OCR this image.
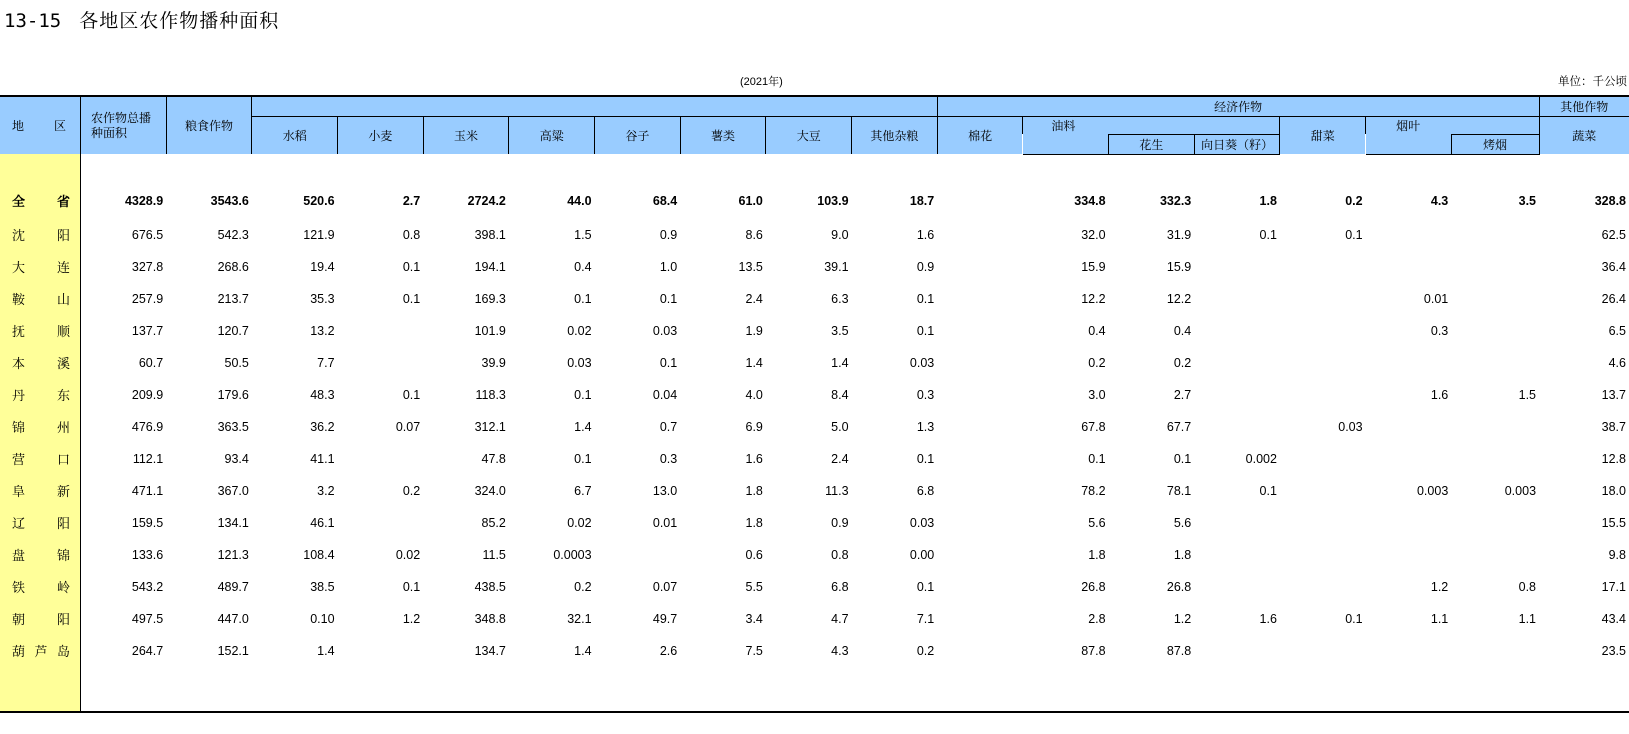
13-15 各地区农作物播种面积
(2021年)	单位：千公顷
地　　区	农作物总播种面积	粮食作物									经济作物							其他作物
			水稻	小麦	玉米	高粱	谷子	薯类	大豆	其他杂粮	棉花	油料			甜菜	烟叶		蔬菜
													花生	向日葵（籽）			烤烟	

全省	4328.9	3543.6	520.6	2.7	2724.2	44.0	68.4	61.0	103.9	18.7		334.8	332.3	1.8	0.2	4.3	3.5	328.8
沈阳	676.5	542.3	121.9	0.8	398.1	1.5	0.9	8.6	9.0	1.6		32.0	31.9	0.1	0.1			62.5
大连	327.8	268.6	19.4	0.1	194.1	0.4	1.0	13.5	39.1	0.9		15.9	15.9					36.4
鞍山	257.9	213.7	35.3	0.1	169.3	0.1	0.1	2.4	6.3	0.1		12.2	12.2			0.01		26.4
抚顺	137.7	120.7	13.2		101.9	0.02	0.03	1.9	3.5	0.1		0.4	0.4			0.3		6.5
本溪	60.7	50.5	7.7		39.9	0.03	0.1	1.4	1.4	0.03		0.2	0.2					4.6
丹东	209.9	179.6	48.3	0.1	118.3	0.1	0.04	4.0	8.4	0.3		3.0	2.7			1.6	1.5	13.7
锦州	476.9	363.5	36.2	0.07	312.1	1.4	0.7	6.9	5.0	1.3		67.8	67.7		0.03			38.7
营口	112.1	93.4	41.1		47.8	0.1	0.3	1.6	2.4	0.1		0.1	0.1	0.002				12.8
阜新	471.1	367.0	3.2	0.2	324.0	6.7	13.0	1.8	11.3	6.8		78.2	78.1	0.1		0.003	0.003	18.0
辽阳	159.5	134.1	46.1		85.2	0.02	0.01	1.8	0.9	0.03		5.6	5.6					15.5
盘锦	133.6	121.3	108.4	0.02	11.5	0.0003		0.6	0.8	0.00		1.8	1.8					9.8
铁岭	543.2	489.7	38.5	0.1	438.5	0.2	0.07	5.5	6.8	0.1		26.8	26.8			1.2	0.8	17.1
朝阳	497.5	447.0	0.10	1.2	348.8	32.1	49.7	3.4	4.7	7.1		2.8	1.2	1.6	0.1	1.1	1.1	43.4
葫芦岛	264.7	152.1	1.4		134.7	1.4	2.6	7.5	4.3	0.2		87.8	87.8					23.5
